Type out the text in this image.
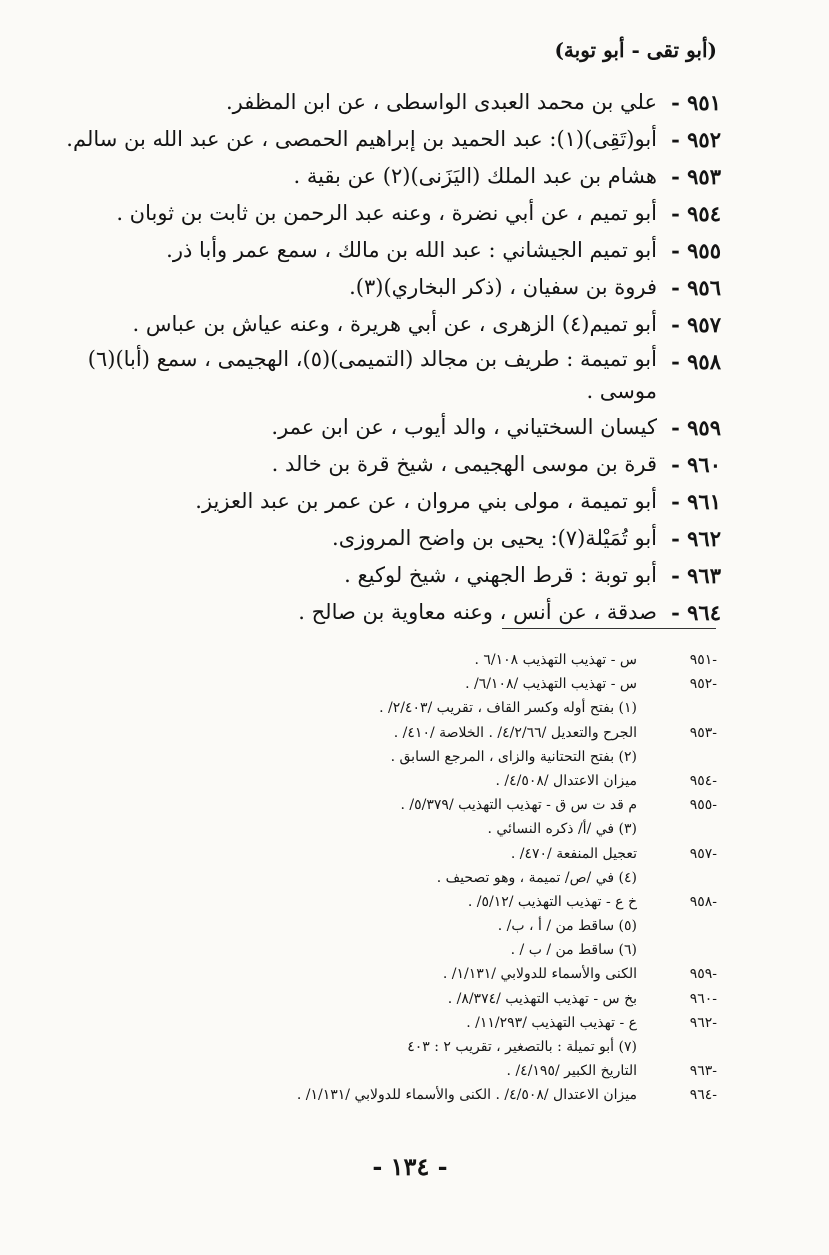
(أبو تقى - أبو توبة)
٩٥١ -
علي بن محمد العبدى الواسطى ، عن ابن المظفر.
٩٥٢ -
أبو(تَقِى)(١): عبد الحميد بن إبراهيم الحمصى ، عن عبد الله بن سالم.
٩٥٣ -
هشام بن عبد الملك (اليَزَنى)(٢) عن بقية .
٩٥٤ -
أبو تميم ، عن أبي نضرة ، وعنه عبد الرحمن بن ثابت بن ثوبان .
٩٥٥ -
أبو تميم الجيشاني : عبد الله بن مالك ، سمع عمر وأبا ذر.
٩٥٦ -
فروة بن سفيان ، (ذكر البخاري)(٣).
٩٥٧ -
أبو تميم(٤) الزهرى ، عن أبي هريرة ، وعنه عياش بن عباس .
٩٥٨ -
أبو تميمة : طريف بن مجالد (التميمى)(٥)، الهجيمى ، سمع (أبا)(٦) موسى .
٩٥٩ -
كيسان السختياني ، والد أيوب ، عن ابن عمر.
٩٦٠ -
قرة بن موسى الهجيمى ، شيخ قرة بن خالد .
٩٦١ -
أبو تميمة ، مولى بني مروان ، عن عمر بن عبد العزيز.
٩٦٢ -
أبو تُمَيْلة(٧): يحيى بن واضح المروزى.
٩٦٣ -
أبو توبة : قرط الجهني ، شيخ لوكيع .
٩٦٤ -
صدقة ، عن أنس ، وعنه معاوية بن صالح .
-٩٥١
س - تهذيب التهذيب ٦/١٠٨ .
-٩٥٢
س - تهذيب التهذيب /٦/١٠٨/ .
(١) بفتح أوله وكسر القاف ، تقريب /٢/٤٠٣/ .
-٩٥٣
الجرح والتعديل /٤/٢/٦٦/ . الخلاصة /٤١٠/ .
(٢) بفتح التحتانية والزاى ، المرجع السابق .
-٩٥٤
ميزان الاعتدال /٤/٥٠٨/ .
-٩٥٥
م قد ت س ق - تهذيب التهذيب /٥/٣٧٩/ .
(٣) في /أ/ ذكره النسائي .
-٩٥٧
تعجيل المنفعة /٤٧٠/ .
(٤) في /ص/ تميمة ، وهو تصحيف .
-٩٥٨
خ ع - تهذيب التهذيب /٥/١٢/ .
(٥) ساقط من / أ ، ب/ .
(٦) ساقط من / ب / .
-٩٥٩
الكنى والأسماء للدولابي /١/١٣١/ .
-٩٦٠
بخ س - تهذيب التهذيب /٨/٣٧٤/ .
-٩٦٢
ع - تهذيب التهذيب /١١/٢٩٣/ .
(٧) أبو تميلة : بالتصغير ، تقريب ٢ : ٤٠٣
-٩٦٣
التاريخ الكبير /٤/١٩٥/ .
-٩٦٤
ميزان الاعتدال /٤/٥٠٨/ . الكنى والأسماء للدولابي /١/١٣١/ .
- ١٣٤ -
